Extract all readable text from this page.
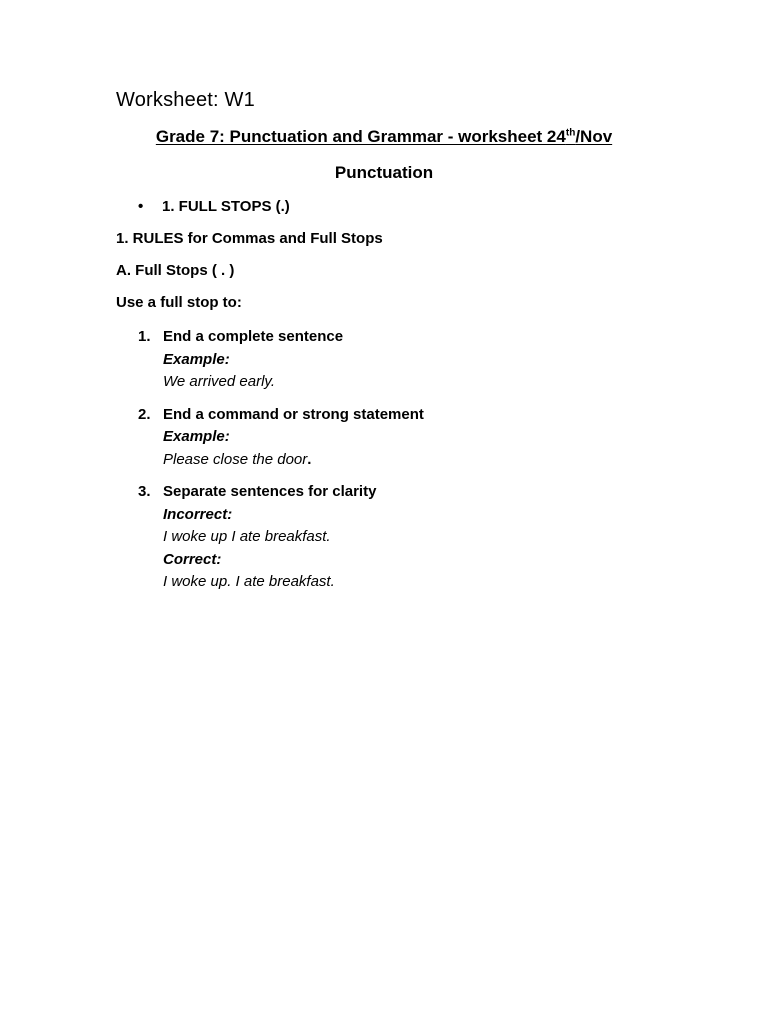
Worksheet: W1
Grade 7: Punctuation and Grammar - worksheet 24th/Nov
Punctuation
• 1. FULL STOPS (.)
1. RULES for Commas and Full Stops
A. Full Stops ( . )
Use a full stop to:
1. End a complete sentence
Example:
We arrived early.
2. End a command or strong statement
Example:
Please close the door.
3. Separate sentences for clarity
Incorrect:
I woke up I ate breakfast.
Correct:
I woke up. I ate breakfast.
